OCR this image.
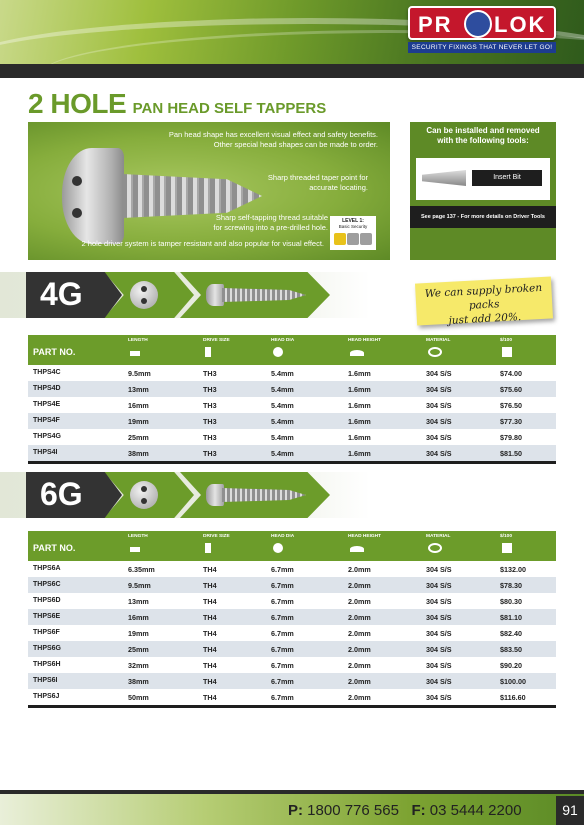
PR LOK
SECURITY FIXINGS THAT NEVER LET GO!
2 HOLE PAN HEAD SELF TAPPERS
Pan head shape has excellent visual effect and safety benefits.
Other special head shapes can be made to order.
Sharp threaded taper point for
accurate locating.
Sharp self-tapping thread suitable
for screwing into a pre-drilled hole.
2 hole driver system is tamper resistant and also popular for visual effect.
LEVEL 1:
Basic Security
Can be installed and removed
with the following tools:
Insert Bit
See page 137 - For more details on Driver Tools
4G	We can supply broken packs
just add 20%.
PART NO.
LENGTH	DRIVE SIZE	HEAD DIA	HEAD HEIGHT	MATERIAL	$/100
THPS4C	9.5mm	TH3	5.4mm	1.6mm	304 S/S	$74.00
THPS4D	13mm	TH3	5.4mm	1.6mm	304 S/S	$75.60
THPS4E	16mm	TH3	5.4mm	1.6mm	304 S/S	$76.50
THPS4F	19mm	TH3	5.4mm	1.6mm	304 S/S	$77.30
THPS4G	25mm	TH3	5.4mm	1.6mm	304 S/S	$79.80
THPS4I	38mm	TH3	5.4mm	1.6mm	304 S/S	$81.50
6G
PART NO.
LENGTH	DRIVE SIZE	HEAD DIA	HEAD HEIGHT	MATERIAL	$/100
THPS6A	6.35mm	TH4	6.7mm	2.0mm	304 S/S	$132.00
THPS6C	9.5mm	TH4	6.7mm	2.0mm	304 S/S	$78.30
THPS6D	13mm	TH4	6.7mm	2.0mm	304 S/S	$80.30
THPS6E	16mm	TH4	6.7mm	2.0mm	304 S/S	$81.10
THPS6F	19mm	TH4	6.7mm	2.0mm	304 S/S	$82.40
THPS6G	25mm	TH4	6.7mm	2.0mm	304 S/S	$83.50
THPS6H	32mm	TH4	6.7mm	2.0mm	304 S/S	$90.20
THPS6I	38mm	TH4	6.7mm	2.0mm	304 S/S	$100.00
THPS6J	50mm	TH4	6.7mm	2.0mm	304 S/S	$116.60
P: 1800 776 565 F: 03 5444 2200	91
